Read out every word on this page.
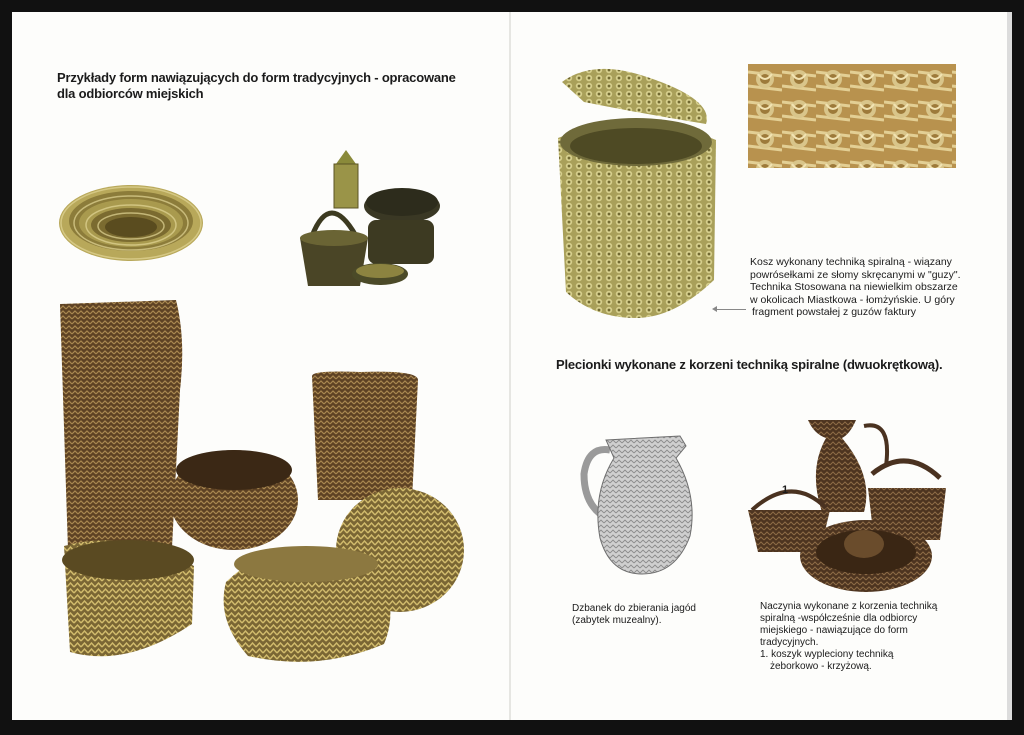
Przykłady form nawiązujących do form tradycyjnych - opracowane
dla odbiorców miejskich
Kosz wykonany techniką spiralną - wiązany
powrósełkami ze słomy skręcanymi w "guzy".
Technika Stosowana na niewielkim obszarze
w okolicach Miastkowa - łomżyńskie. U góry
fragment powstałej z guzów faktury
Plecionki wykonane z korzeni techniką spiralne (dwuokrętkową).
Dzbanek do zbierania jagód
(zabytek muzealny).
1
Naczynia wykonane z korzenia techniką
spiralną -współcześnie dla odbiorcy
miejskiego - nawiązujące do form
tradycyjnych.
1. koszyk wypleciony techniką
żeborkowo - krzyżową.
